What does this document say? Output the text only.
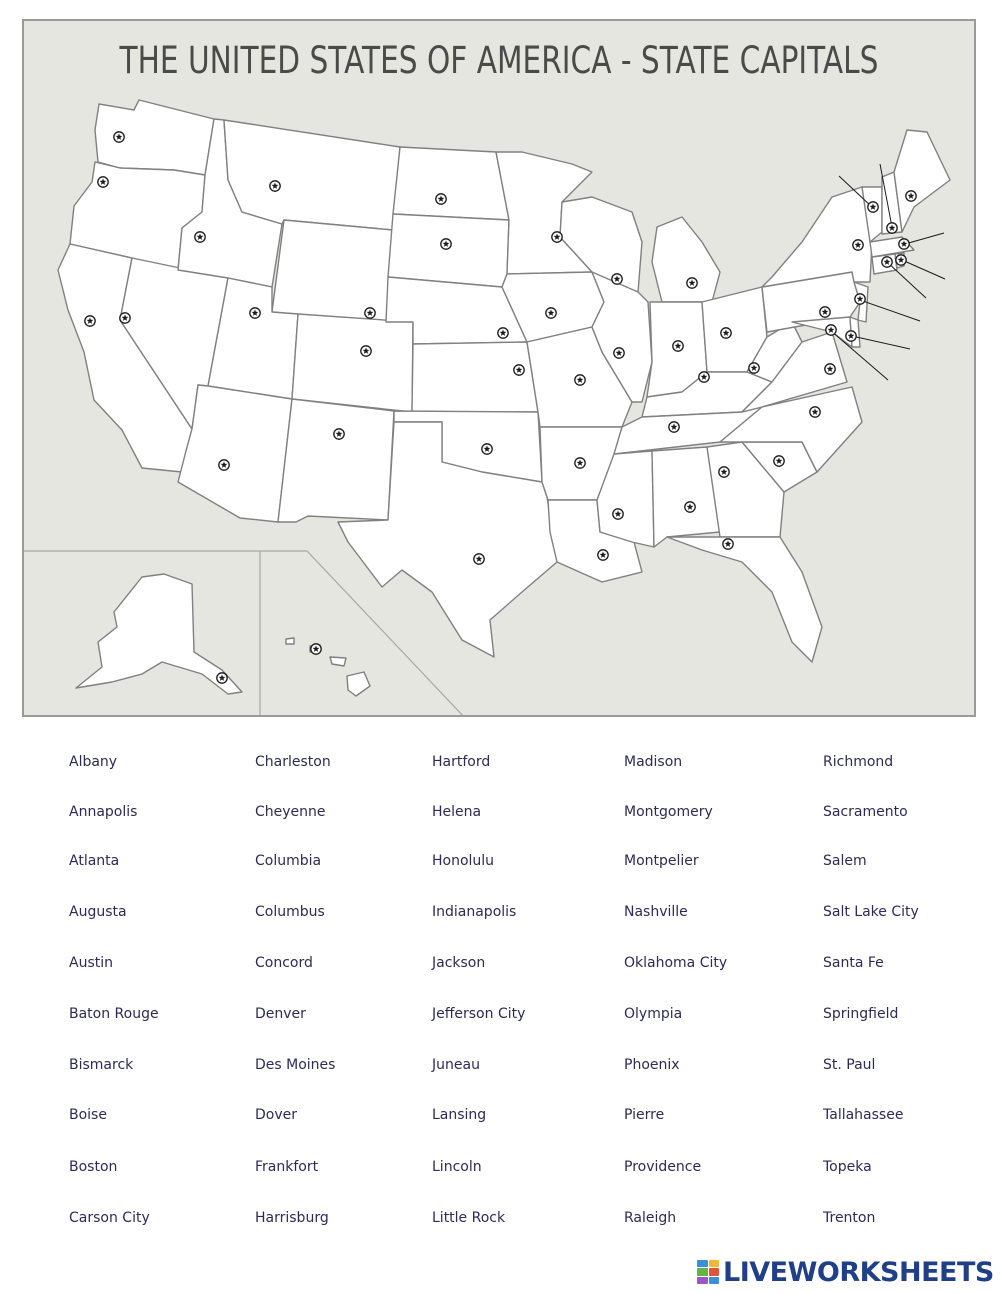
THE UNITED STATES OF AMERICA - STATE CAPITALS
Albany
Annapolis
Atlanta
Augusta
Austin
Baton Rouge
Bismarck
Boise
Boston
Carson City
Charleston
Cheyenne
Columbia
Columbus
Concord
Denver
Des Moines
Dover
Frankfort
Harrisburg
Hartford
Helena
Honolulu
Indianapolis
Jackson
Jefferson City
Juneau
Lansing
Lincoln
Little Rock
Madison
Montgomery
Montpelier
Nashville
Oklahoma City
Olympia
Phoenix
Pierre
Providence
Raleigh
Richmond
Sacramento
Salem
Salt Lake City
Santa Fe
Springfield
St. Paul
Tallahassee
Topeka
Trenton
LIVEWORKSHEETS
